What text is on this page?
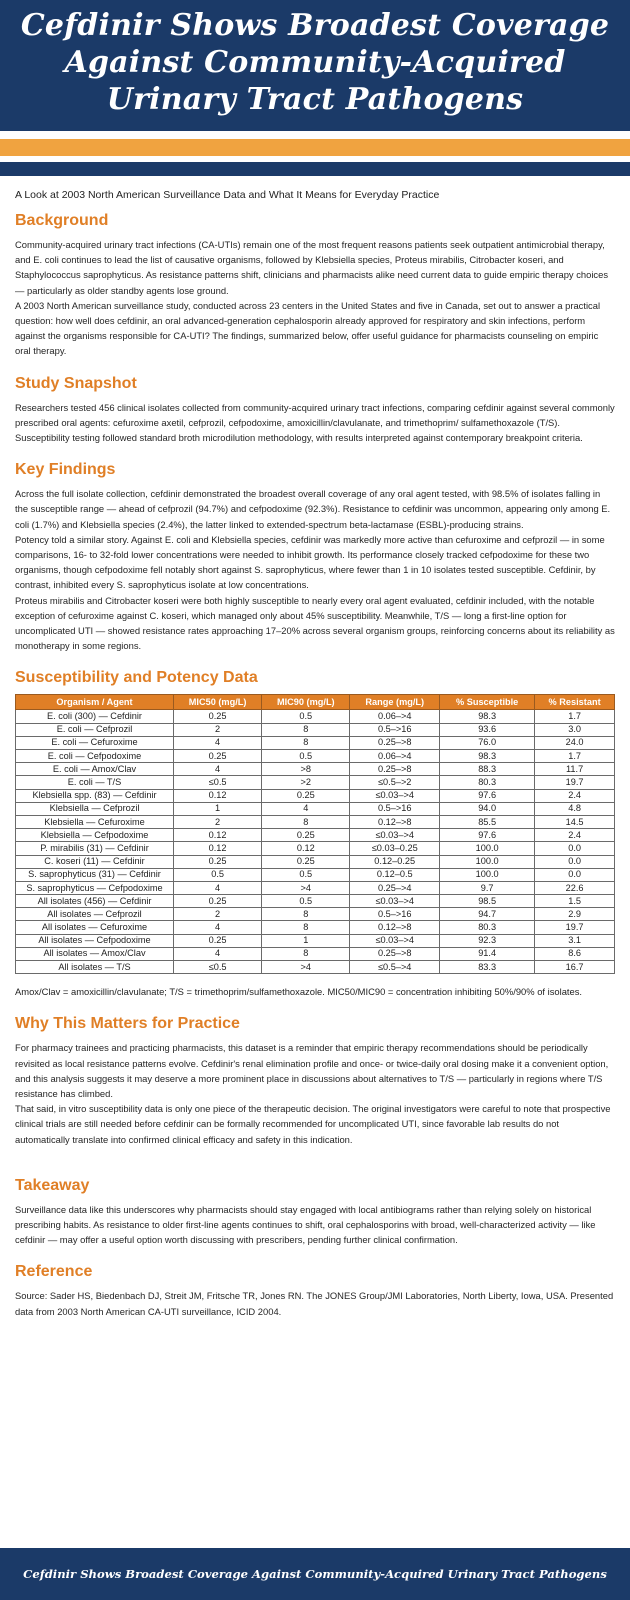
Cefdinir Shows Broadest Coverage Against Community-Acquired Urinary Tract Pathogens
A Look at 2003 North American Surveillance Data and What It Means for Everyday Practice
Background

Community-acquired urinary tract infections (CA-UTIs) remain one of the most frequent reasons patients seek outpatient antimicrobial therapy, and E. coli continues to lead the list of causative organisms, followed by Klebsiella species, Proteus mirabilis, Citrobacter koseri, and Staphylococcus saprophyticus. As resistance patterns shift, clinicians and pharmacists alike need current data to guide empiric therapy choices — particularly as older standby agents lose ground.

A 2003 North American surveillance study, conducted across 23 centers in the United States and five in Canada, set out to answer a practical question: how well does cefdinir, an oral advanced-generation cephalosporin already approved for respiratory and skin infections, perform against the organisms responsible for CA-UTI? The findings, summarized below, offer useful guidance for pharmacists counseling on empiric oral therapy.

Study Snapshot

Researchers tested 456 clinical isolates collected from community-acquired urinary tract infections, comparing cefdinir against several commonly prescribed oral agents: cefuroxime axetil, cefprozil, cefpodoxime, amoxicillin/clavulanate, and trimethoprim/ sulfamethoxazole (T/S). Susceptibility testing followed standard broth microdilution methodology, with results interpreted against contemporary breakpoint criteria.

Key Findings

Across the full isolate collection, cefdinir demonstrated the broadest overall coverage of any oral agent tested, with 98.5% of isolates falling in the susceptible range — ahead of cefprozil (94.7%) and cefpodoxime (92.3%). Resistance to cefdinir was uncommon, appearing only among E. coli (1.7%) and Klebsiella species (2.4%), the latter linked to extended-spectrum beta-lactamase (ESBL)-producing strains.

Potency told a similar story. Against E. coli and Klebsiella species, cefdinir was markedly more active than cefuroxime and cefprozil — in some comparisons, 16- to 32-fold lower concentrations were needed to inhibit growth. Its performance closely tracked cefpodoxime for these two organisms, though cefpodoxime fell notably short against S. saprophyticus, where fewer than 1 in 10 isolates tested susceptible. Cefdinir, by contrast, inhibited every S. saprophyticus isolate at low concentrations.

Proteus mirabilis and Citrobacter koseri were both highly susceptible to nearly every oral agent evaluated, cefdinir included, with the notable exception of cefuroxime against C. koseri, which managed only about 45% susceptibility. Meanwhile, T/S — long a first-line option for uncomplicated UTI — showed resistance rates approaching 17–20% across several organism groups, reinforcing concerns about its reliability as monotherapy in some regions.

Susceptibility and Potency Data
Organism / Agent	MIC50 (mg/L)	MIC90 (mg/L)	Range (mg/L)	% Susceptible	% Resistant
E. coli (300) — Cefdinir	0.25	0.5	0.06–>4	98.3	1.7
E. coli — Cefprozil	2	8	0.5–>16	93.6	3.0
E. coli — Cefuroxime	4	8	0.25–>8	76.0	24.0
E. coli — Cefpodoxime	0.25	0.5	0.06–>4	98.3	1.7
E. coli — Amox/Clav	4	>8	0.25–>8	88.3	11.7
E. coli — T/S	≤0.5	>2	≤0.5–>2	80.3	19.7
Klebsiella spp. (83) — Cefdinir	0.12	0.25	≤0.03–>4	97.6	2.4
Klebsiella — Cefprozil	1	4	0.5–>16	94.0	4.8
Klebsiella — Cefuroxime	2	8	0.12–>8	85.5	14.5
Klebsiella — Cefpodoxime	0.12	0.25	≤0.03–>4	97.6	2.4
P. mirabilis (31) — Cefdinir	0.12	0.12	≤0.03–0.25	100.0	0.0
C. koseri (11) — Cefdinir	0.25	0.25	0.12–0.25	100.0	0.0
S. saprophyticus (31) — Cefdinir	0.5	0.5	0.12–0.5	100.0	0.0
S. saprophyticus — Cefpodoxime	4	>4	0.25–>4	9.7	22.6
All isolates (456) — Cefdinir	0.25	0.5	≤0.03–>4	98.5	1.5
All isolates — Cefprozil	2	8	0.5–>16	94.7	2.9
All isolates — Cefuroxime	4	8	0.12–>8	80.3	19.7
All isolates — Cefpodoxime	0.25	1	≤0.03–>4	92.3	3.1
All isolates — Amox/Clav	4	8	0.25–>8	91.4	8.6
All isolates — T/S	≤0.5	>4	≤0.5–>4	83.3	16.7
Amox/Clav = amoxicillin/clavulanate; T/S = trimethoprim/sulfamethoxazole. MIC50/MIC90 = concentration inhibiting 50%/90% of isolates.
Why This Matters for Practice

For pharmacy trainees and practicing pharmacists, this dataset is a reminder that empiric therapy recommendations should be periodically revisited as local resistance patterns evolve. Cefdinir's renal elimination profile and once- or twice-daily oral dosing make it a convenient option, and this analysis suggests it may deserve a more prominent place in discussions about alternatives to T/S — particularly in regions where T/S resistance has climbed.

That said, in vitro susceptibility data is only one piece of the therapeutic decision. The original investigators were careful to note that prospective clinical trials are still needed before cefdinir can be formally recommended for uncomplicated UTI, since favorable lab results do not automatically translate into confirmed clinical efficacy and safety in this indication.

Takeaway

Surveillance data like this underscores why pharmacists should stay engaged with local antibiograms rather than relying solely on historical prescribing habits. As resistance to older first-line agents continues to shift, oral cephalosporins with broad, well-characterized activity — like cefdinir — may offer a useful option worth discussing with prescribers, pending further clinical confirmation.

Reference

Source: Sader HS, Biedenbach DJ, Streit JM, Fritsche TR, Jones RN. The JONES Group/JMI Laboratories, North Liberty, Iowa, USA. Presented data from 2003 North American CA-UTI surveillance, ICID 2004.

Cefdinir Shows Broadest Coverage Against Community-Acquired Urinary Tract Pathogens
